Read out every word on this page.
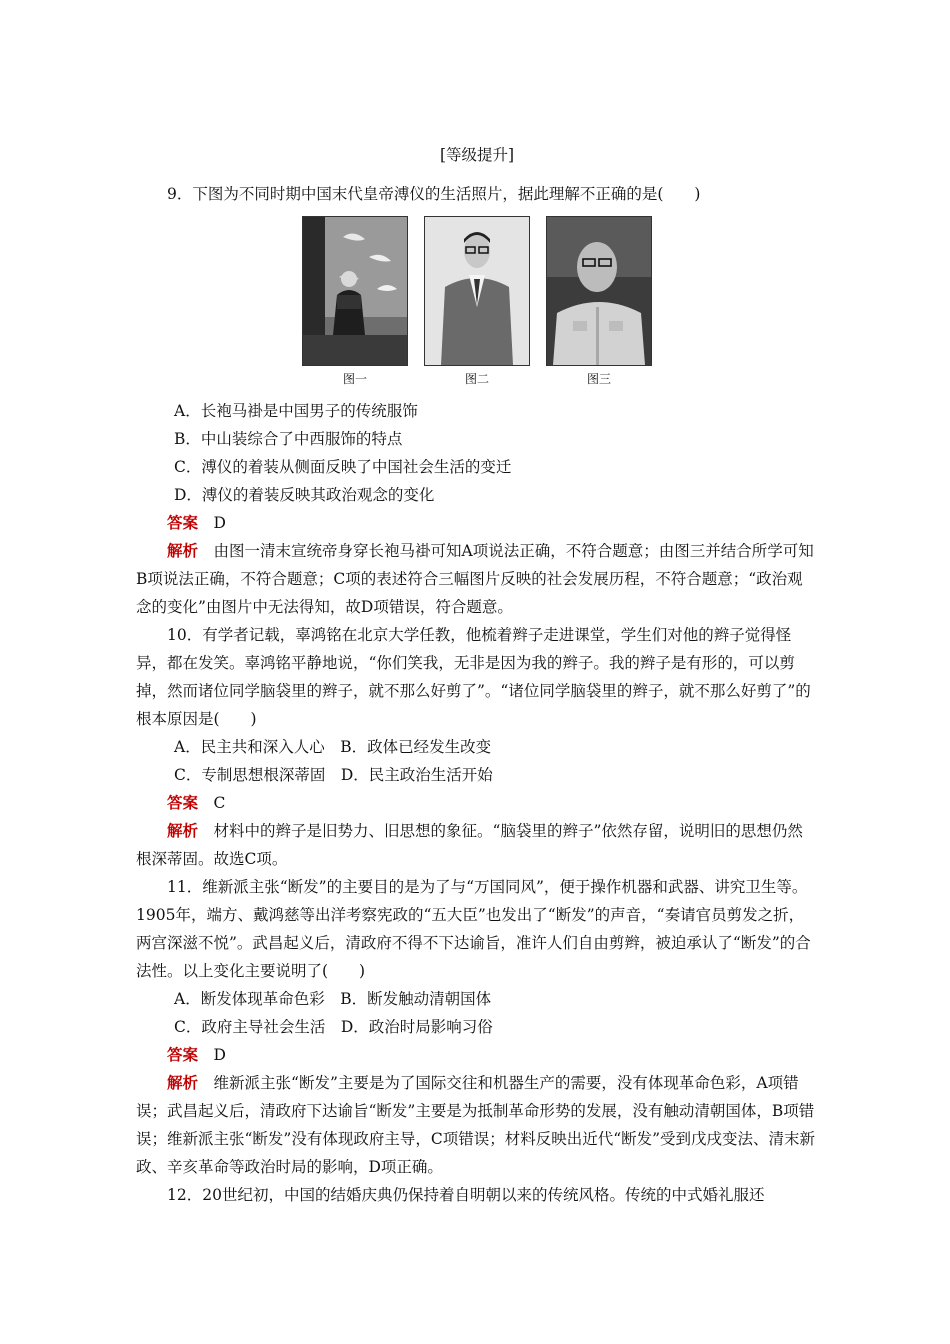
[等级提升]

9．下图为不同时期中国末代皇帝溥仪的生活照片，据此理解不正确的是(　　)

图一	图二	图三

A．长袍马褂是中国男子的传统服饰

B．中山装综合了中西服饰的特点

C．溥仪的着装从侧面反映了中国社会生活的变迁

D．溥仪的着装反映其政治观念的变化

答案　 D

解析　 由图一清末宣统帝身穿长袍马褂可知A项说法正确，不符合题意；由图三并结合所学可知B项说法正确，不符合题意；C项的表述符合三幅图片反映的社会发展历程，不符合题意；“政治观念的变化”由图片中无法得知，故D项错误，符合题意。

10．有学者记载，辜鸿铭在北京大学任教，他梳着辫子走进课堂，学生们对他的辫子觉得怪异，都在发笑。辜鸿铭平静地说，“你们笑我，无非是因为我的辫子。我的辫子是有形的，可以剪掉，然而诸位同学脑袋里的辫子，就不那么好剪了”。“诸位同学脑袋里的辫子，就不那么好剪了”的根本原因是(　　)

A．民主共和深入人心　B．政体已经发生改变

C．专制思想根深蒂固　D．民主政治生活开始

答案　 C

解析　 材料中的辫子是旧势力、旧思想的象征。“脑袋里的辫子”依然存留，说明旧的思想仍然根深蒂固。故选C项。

11．维新派主张“断发”的主要目的是为了与“万国同风”，便于操作机器和武器、讲究卫生等。1905年，端方、戴鸿慈等出洋考察宪政的“五大臣”也发出了“断发”的声音，“奏请官员剪发之折，两宫深滋不悦”。武昌起义后，清政府不得不下达谕旨，准许人们自由剪辫，被迫承认了“断发”的合法性。以上变化主要说明了(　　)

A．断发体现革命色彩　B．断发触动清朝国体

C．政府主导社会生活　D．政治时局影响习俗

答案　 D

解析　 维新派主张“断发”主要是为了国际交往和机器生产的需要，没有体现革命色彩，A项错误；武昌起义后，清政府下达谕旨“断发”主要是为抵制革命形势的发展，没有触动清朝国体，B项错误；维新派主张“断发”没有体现政府主导，C项错误；材料反映出近代“断发”受到戊戌变法、清末新政、辛亥革命等政治时局的影响，D项正确。

12．20世纪初，中国的结婚庆典仍保持着自明朝以来的传统风格。传统的中式婚礼服还
